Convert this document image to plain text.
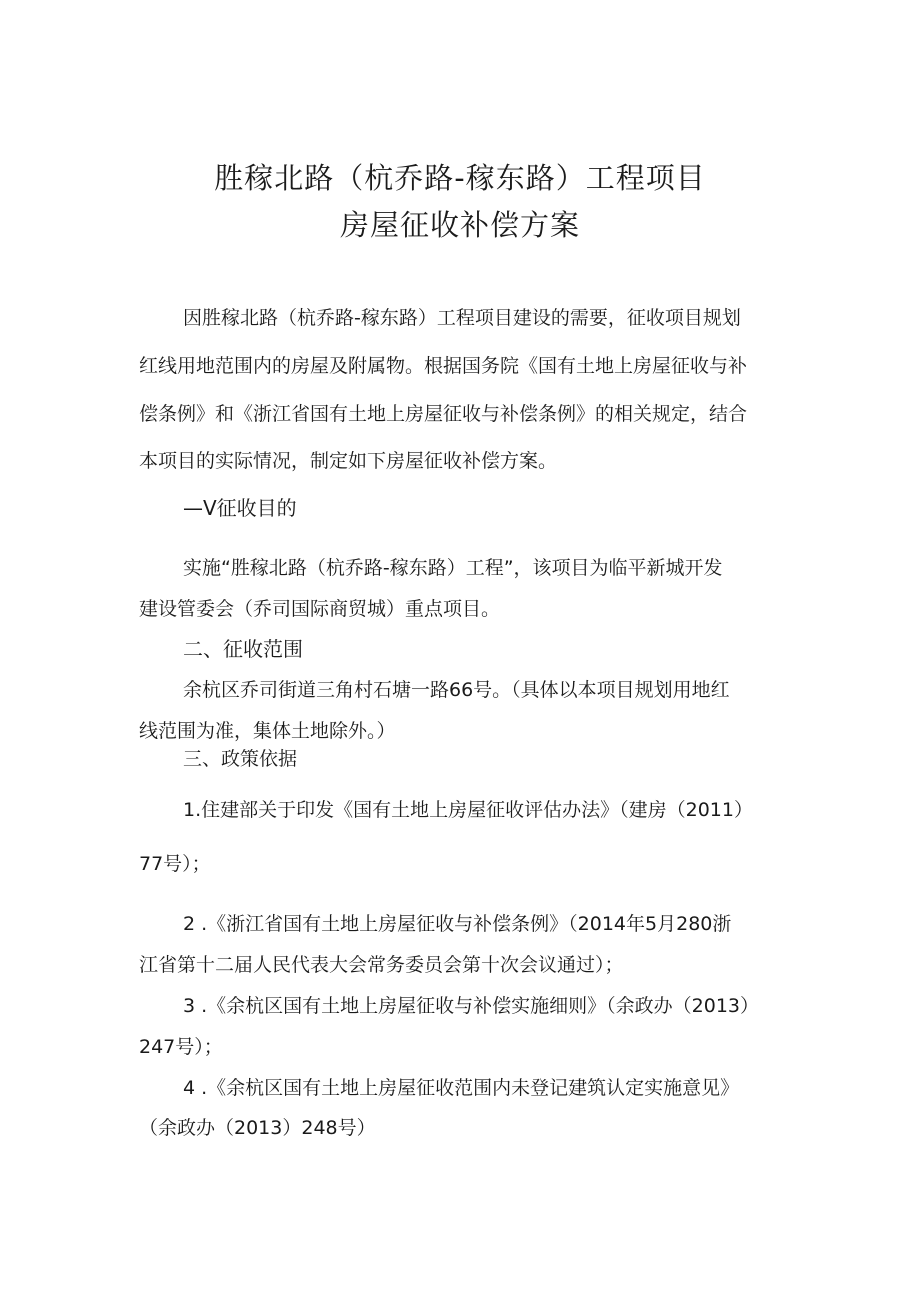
胜稼北路（杭乔路-稼东路）工程项目
房屋征收补偿方案
因胜稼北路（杭乔路-稼东路）工程项目建设的需要，征收项目规划
红线用地范围内的房屋及附属物。根据国务院《国有土地上房屋征收与补
偿条例》和《浙江省国有土地上房屋征收与补偿条例》的相关规定，结合
本项目的实际情况，制定如下房屋征收补偿方案。
—V征收目的
实施“胜稼北路（杭乔路-稼东路）工程”，该项目为临平新城开发
建设管委会（乔司国际商贸城）重点项目。
二、征收范围
余杭区乔司街道三角村石塘一路66号。（具体以本项目规划用地红
线范围为准，集体土地除外。）
三、政策依据
1.住建部关于印发《国有土地上房屋征收评估办法》（建房（2011）
77号）；
2 .《浙江省国有土地上房屋征收与补偿条例》（2014年5月280浙
江省第十二届人民代表大会常务委员会第十次会议通过）；
3 .《余杭区国有土地上房屋征收与补偿实施细则》（余政办（2013）
247号）；
4 .《余杭区国有土地上房屋征收范围内未登记建筑认定实施意见》
（余政办（2013）248号）
